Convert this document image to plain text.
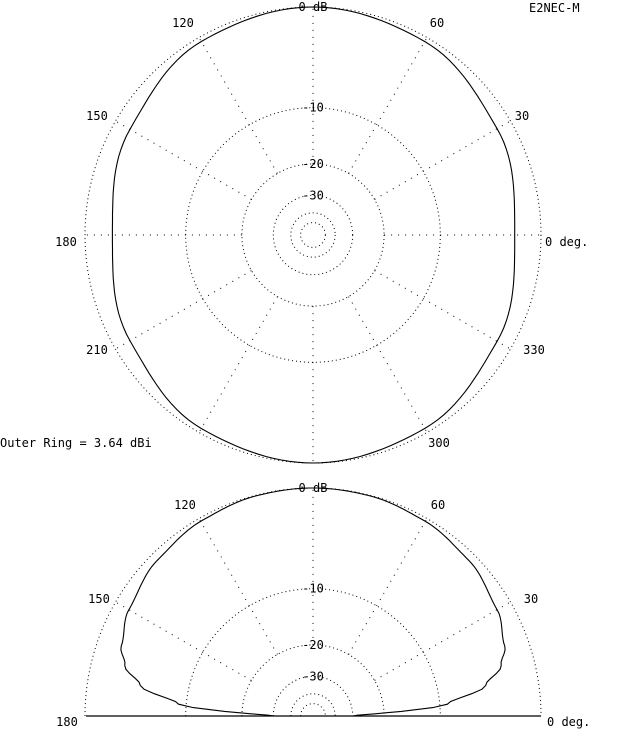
0 dB
-10
-20
-30
0 deg.
30
60
120
150
180
210
300
330
0 dB
-10
-20
-30
0 deg.
30
60
120
150
180
E2NEC-M
Outer Ring = 3.64 dBi
